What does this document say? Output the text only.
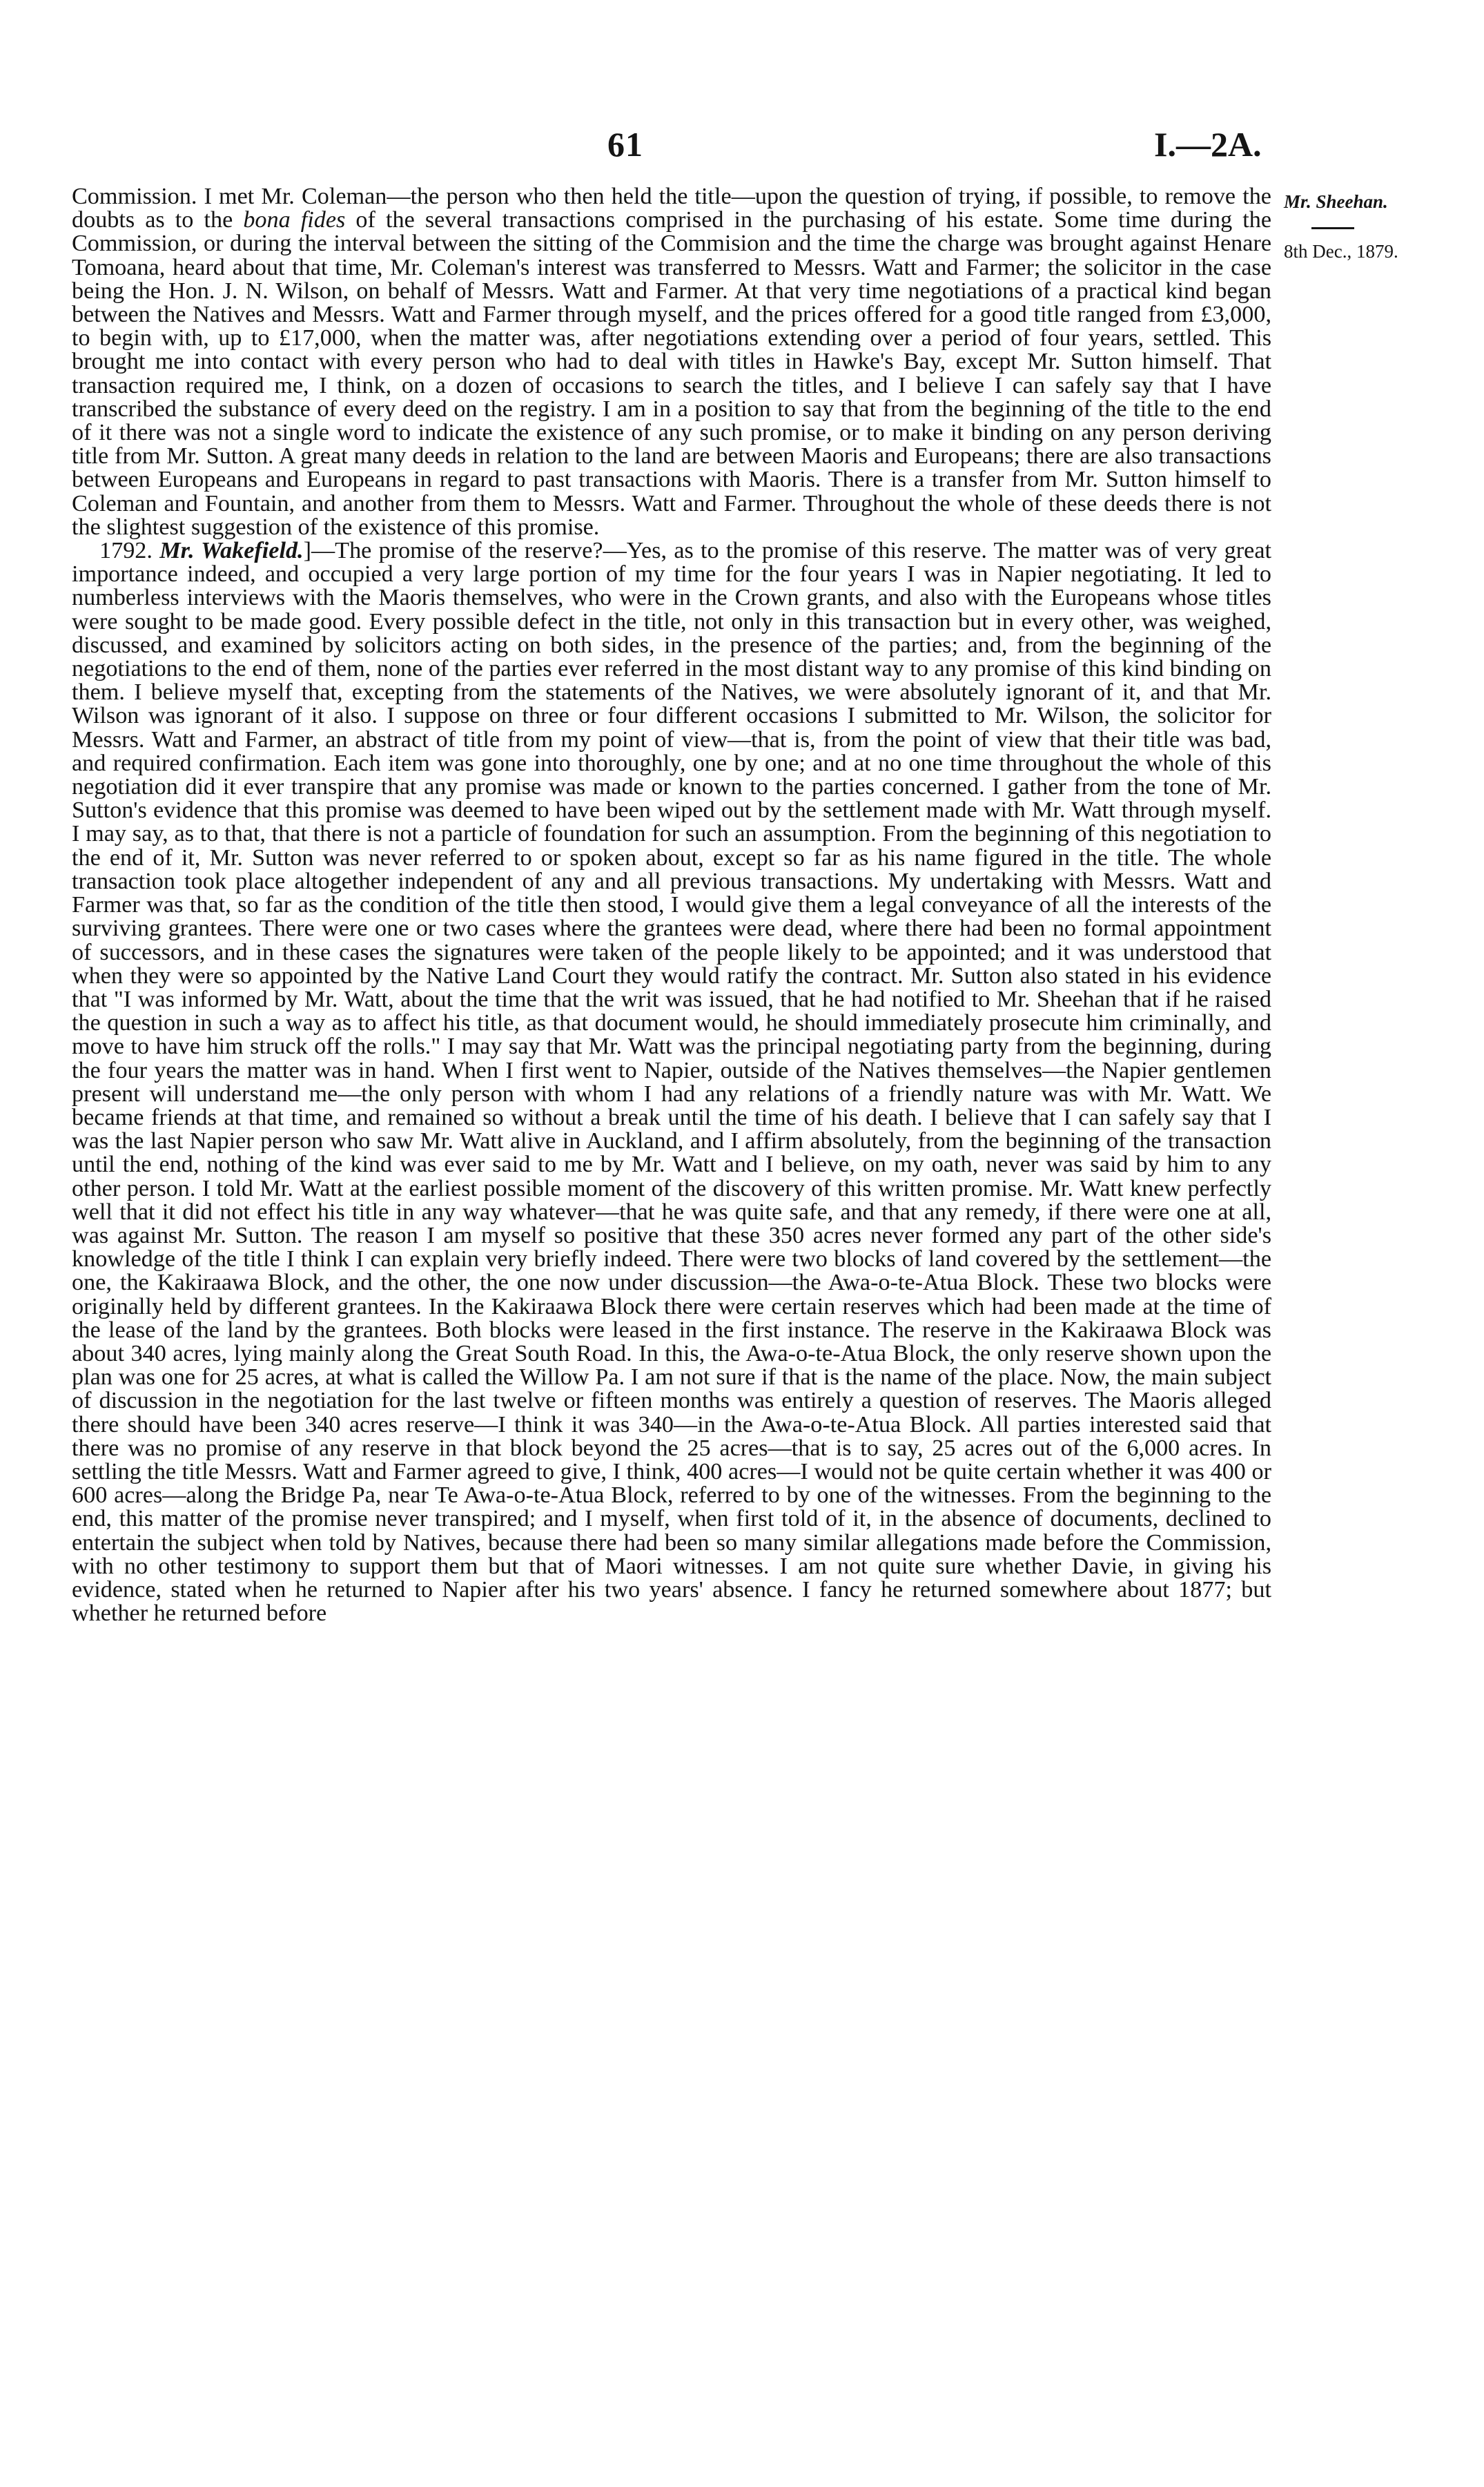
61	I.—2A.
Mr. Sheehan.
8th Dec., 1879.

Commission. I met Mr. Coleman—the person who then held the title—upon the question of trying, if possible, to remove the doubts as to the bona fides of the several transactions comprised in the purchasing of his estate. Some time during the Commission, or during the interval between the sitting of the Commision and the time the charge was brought against Henare Tomoana, heard about that time, Mr. Coleman's interest was transferred to Messrs. Watt and Farmer; the solicitor in the case being the Hon. J. N. Wilson, on behalf of Messrs. Watt and Farmer. At that very time negotiations of a practical kind began between the Natives and Messrs. Watt and Farmer through myself, and the prices offered for a good title ranged from £3,000, to begin with, up to £17,000, when the matter was, after negotiations extending over a period of four years, settled. This brought me into contact with every person who had to deal with titles in Hawke's Bay, except Mr. Sutton himself. That transaction required me, I think, on a dozen of occasions to search the titles, and I believe I can safely say that I have transcribed the substance of every deed on the registry. I am in a position to say that from the beginning of the title to the end of it there was not a single word to indicate the existence of any such promise, or to make it binding on any person deriving title from Mr. Sutton. A great many deeds in relation to the land are between Maoris and Europeans; there are also transactions between Europeans and Europeans in regard to past transactions with Maoris. There is a transfer from Mr. Sutton himself to Coleman and Fountain, and another from them to Messrs. Watt and Farmer. Throughout the whole of these deeds there is not the slightest suggestion of the existence of this promise.

1792. Mr. Wakefield.]—The promise of the reserve?—Yes, as to the promise of this reserve. The matter was of very great importance indeed, and occupied a very large portion of my time for the four years I was in Napier negotiating. It led to numberless interviews with the Maoris themselves, who were in the Crown grants, and also with the Europeans whose titles were sought to be made good. Every possible defect in the title, not only in this transaction but in every other, was weighed, discussed, and examined by solicitors acting on both sides, in the presence of the parties; and, from the beginning of the negotiations to the end of them, none of the parties ever referred in the most distant way to any promise of this kind binding on them. I believe myself that, excepting from the statements of the Natives, we were absolutely ignorant of it, and that Mr. Wilson was ignorant of it also. I suppose on three or four different occasions I submitted to Mr. Wilson, the solicitor for Messrs. Watt and Farmer, an abstract of title from my point of view—that is, from the point of view that their title was bad, and required confirmation. Each item was gone into thoroughly, one by one; and at no one time throughout the whole of this negotiation did it ever transpire that any promise was made or known to the parties concerned. I gather from the tone of Mr. Sutton's evidence that this promise was deemed to have been wiped out by the settlement made with Mr. Watt through myself. I may say, as to that, that there is not a particle of foundation for such an assumption. From the beginning of this negotiation to the end of it, Mr. Sutton was never referred to or spoken about, except so far as his name figured in the title. The whole transaction took place altogether independent of any and all previous transactions. My undertaking with Messrs. Watt and Farmer was that, so far as the condition of the title then stood, I would give them a legal conveyance of all the interests of the surviving grantees. There were one or two cases where the grantees were dead, where there had been no formal appointment of successors, and in these cases the signatures were taken of the people likely to be appointed; and it was understood that when they were so appointed by the Native Land Court they would ratify the contract. Mr. Sutton also stated in his evidence that "I was informed by Mr. Watt, about the time that the writ was issued, that he had notified to Mr. Sheehan that if he raised the question in such a way as to affect his title, as that document would, he should immediately prosecute him criminally, and move to have him struck off the rolls." I may say that Mr. Watt was the principal negotiating party from the beginning, during the four years the matter was in hand. When I first went to Napier, outside of the Natives themselves—the Napier gentlemen present will understand me—the only person with whom I had any relations of a friendly nature was with Mr. Watt. We became friends at that time, and remained so without a break until the time of his death. I believe that I can safely say that I was the last Napier person who saw Mr. Watt alive in Auckland, and I affirm absolutely, from the beginning of the transaction until the end, nothing of the kind was ever said to me by Mr. Watt and I believe, on my oath, never was said by him to any other person. I told Mr. Watt at the earliest possible moment of the discovery of this written promise. Mr. Watt knew perfectly well that it did not effect his title in any way whatever—that he was quite safe, and that any remedy, if there were one at all, was against Mr. Sutton. The reason I am myself so positive that these 350 acres never formed any part of the other side's knowledge of the title I think I can explain very briefly indeed. There were two blocks of land covered by the settlement—the one, the Kakiraawa Block, and the other, the one now under discussion—the Awa-o-te-Atua Block. These two blocks were originally held by different grantees. In the Kakiraawa Block there were certain reserves which had been made at the time of the lease of the land by the grantees. Both blocks were leased in the first instance. The reserve in the Kakiraawa Block was about 340 acres, lying mainly along the Great South Road. In this, the Awa-o-te-Atua Block, the only reserve shown upon the plan was one for 25 acres, at what is called the Willow Pa. I am not sure if that is the name of the place. Now, the main subject of discussion in the negotiation for the last twelve or fifteen months was entirely a question of reserves. The Maoris alleged there should have been 340 acres reserve—I think it was 340—in the Awa-o-te-Atua Block. All parties interested said that there was no promise of any reserve in that block beyond the 25 acres—that is to say, 25 acres out of the 6,000 acres. In settling the title Messrs. Watt and Farmer agreed to give, I think, 400 acres—I would not be quite certain whether it was 400 or 600 acres—along the Bridge Pa, near Te Awa-o-te-Atua Block, referred to by one of the witnesses. From the beginning to the end, this matter of the promise never transpired; and I myself, when first told of it, in the absence of documents, declined to entertain the subject when told by Natives, because there had been so many similar allegations made before the Commission, with no other testimony to support them but that of Maori witnesses. I am not quite sure whether Davie, in giving his evidence, stated when he returned to Napier after his two years' absence. I fancy he returned somewhere about 1877; but whether he returned before
